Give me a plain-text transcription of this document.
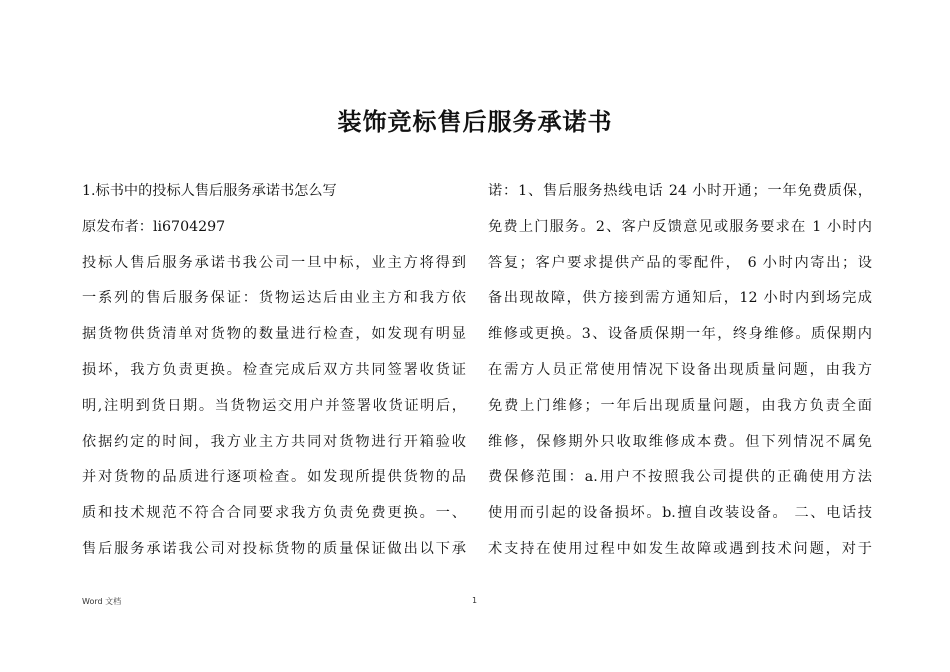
装饰竞标售后服务承诺书
1.标书中的投标人售后服务承诺书怎么写
原发布者：li6704297
投标人售后服务承诺书我公司一旦中标，业主方将得到
一系列的售后服务保证：货物运达后由业主方和我方依
据货物供货清单对货物的数量进行检查，如发现有明显
损坏，我方负责更换。检查完成后双方共同签署收货证
明,注明到货日期。当货物运交用户并签署收货证明后，
依据约定的时间，我方业主方共同对货物进行开箱验收
并对货物的品质进行逐项检查。如发现所提供货物的品
质和技术规范不符合合同要求我方负责免费更换。一、
售后服务承诺我公司对投标货物的质量保证做出以下承
诺：1、售后服务热线电话 24 小时开通；一年免费质保，
免费上门服务。2、客户反馈意见或服务要求在 1 小时内
答复；客户要求提供产品的零配件， 6 小时内寄出；设
备出现故障，供方接到需方通知后，12 小时内到场完成
维修或更换。3、设备质保期一年，终身维修。质保期内
在需方人员正常使用情况下设备出现质量问题，由我方
免费上门维修；一年后出现质量问题，由我方负责全面
维修，保修期外只收取维修成本费。但下列情况不属免
费保修范围：a.用户不按照我公司提供的正确使用方法
使用而引起的设备损坏。b.擅自改装设备。 二、电话技
术支持在使用过程中如发生故障或遇到技术问题，对于
Word 文档	1
